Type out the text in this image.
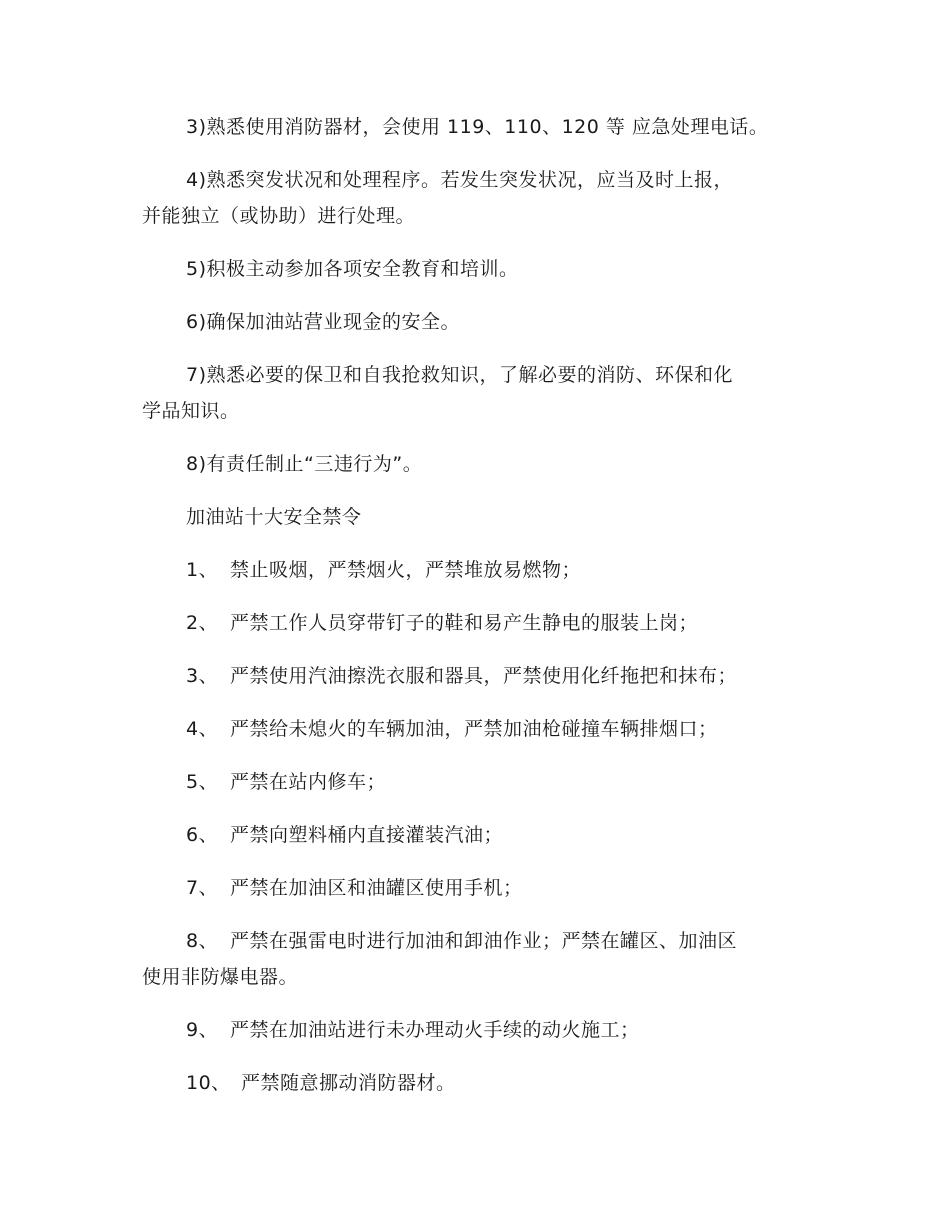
3)熟悉使用消防器材，会使用 119、110、120 等 应急处理电话。
4)熟悉突发状况和处理程序。若发生突发状况，应当及时上报，
并能独立（或协助）进行处理。
5)积极主动参加各项安全教育和培训。
6)确保加油站营业现金的安全。
7)熟悉必要的保卫和自我抢救知识，了解必要的消防、环保和化
学品知识。
8)有责任制止“三违行为”。
加油站十大安全禁令
1、 禁止吸烟，严禁烟火，严禁堆放易燃物；
2、 严禁工作人员穿带钉子的鞋和易产生静电的服装上岗；
3、 严禁使用汽油擦洗衣服和器具，严禁使用化纤拖把和抹布；
4、 严禁给未熄火的车辆加油，严禁加油枪碰撞车辆排烟口；
5、 严禁在站内修车；
6、 严禁向塑料桶内直接灌装汽油；
7、 严禁在加油区和油罐区使用手机；
8、 严禁在强雷电时进行加油和卸油作业；严禁在罐区、加油区
使用非防爆电器。
9、 严禁在加油站进行未办理动火手续的动火施工；
10、 严禁随意挪动消防器材。
